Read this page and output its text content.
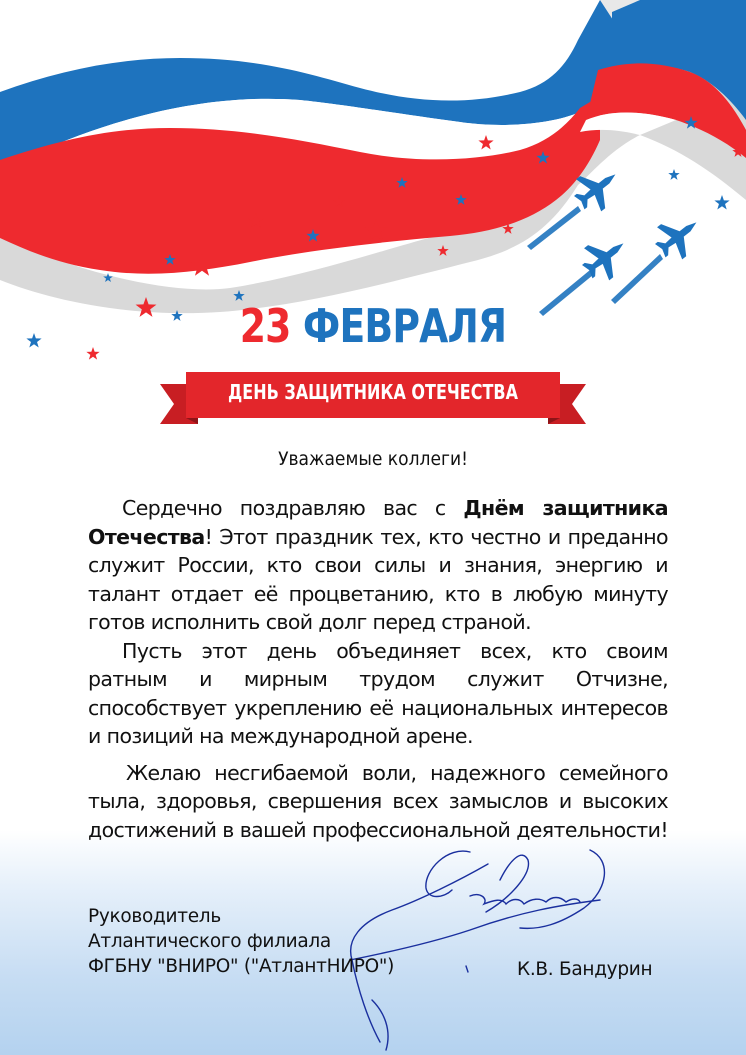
23 ФЕВРАЛЯ
ДЕНЬ ЗАЩИТНИКА ОТЕЧЕСТВА
Уважаемые коллеги!

Сердечно поздравляю вас с Днём защитника Отечества! Этот праздник тех, кто честно и преданно служит России, кто свои силы и знания, энергию и талант отдает её процветанию, кто в любую минуту готов исполнить свой долг перед страной.

Пусть этот день объединяет всех, кто своим ратным и мирным трудом служит Отчизне, способствует укреплению её национальных интересов и позиций на международной арене.

Желаю несгибаемой воли, надежного семейного тыла, здоровья, свершения всех замыслов и высоких достижений в вашей профессиональной деятельности!

Руководитель
Атлантического филиала
ФГБНУ "ВНИРО" ("АтлантНИРО")	К.В. Бандурин
